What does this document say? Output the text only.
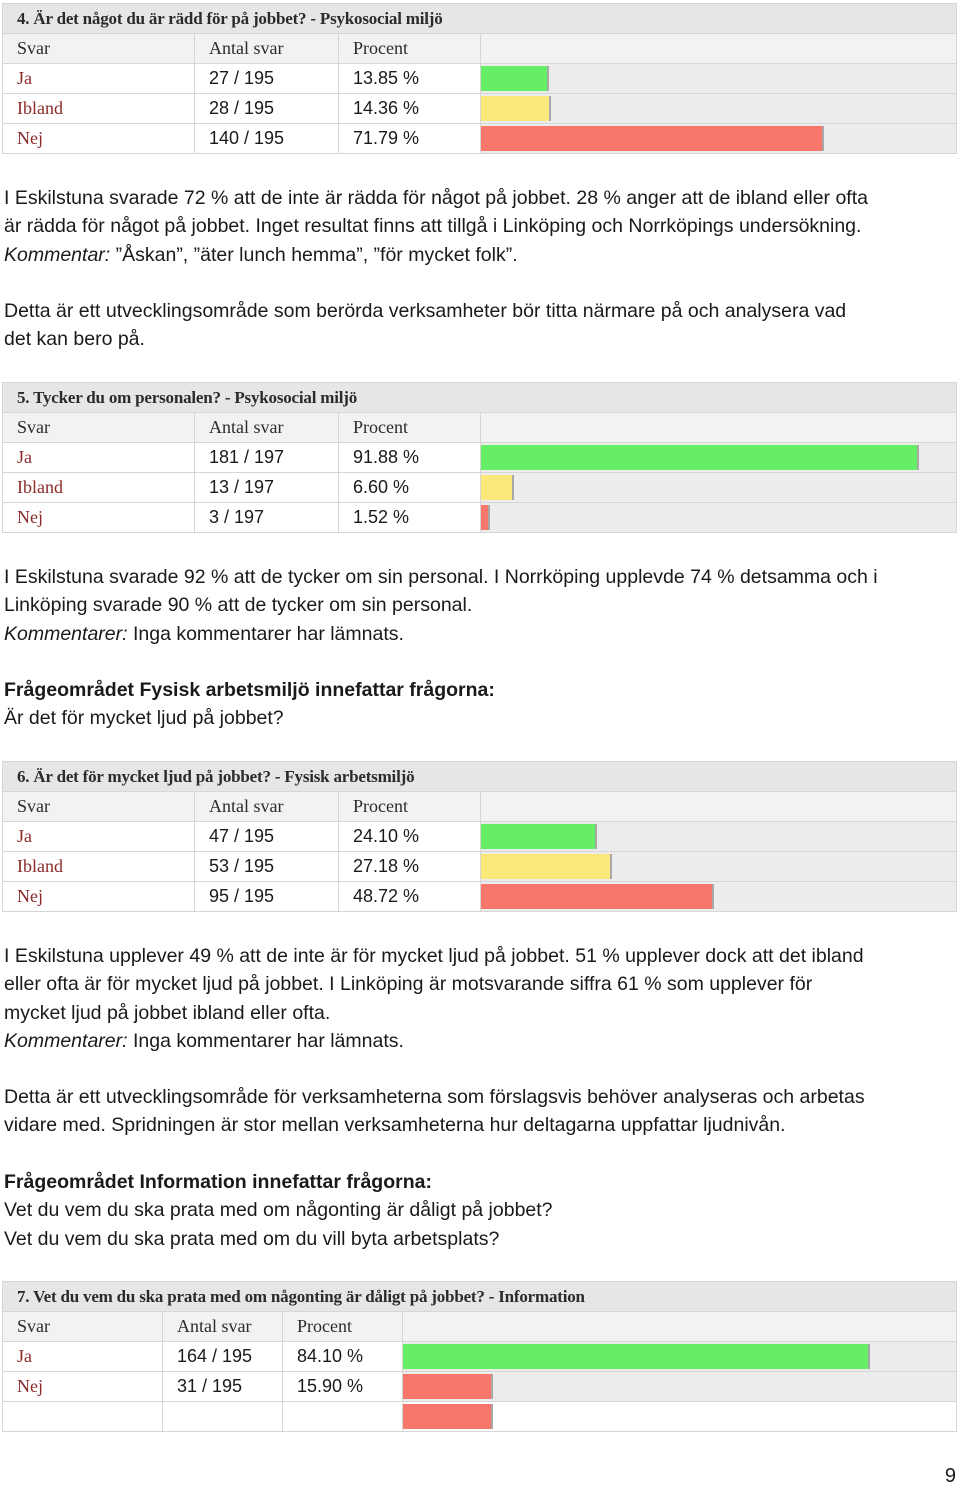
4. Är det något du är rädd för på jobbet? - Psykosocial miljö			
Svar	Antal svar	Procent	
Ja	27 / 195	13.85 %	

Ibland	28 / 195	14.36 %	

Nej	140 / 195	71.79 %	

I Eskilstuna svarade 72 % att de inte är rädda för något på jobbet. 28 % anger att de ibland eller ofta
är rädda för något på jobbet. Inget resultat finns att tillgå i Linköping och Norrköpings undersökning.
Kommentar: ”Åskan”, ”äter lunch hemma”, ”för mycket folk”.

Detta är ett utvecklingsområde som berörda verksamheter bör titta närmare på och analysera vad
det kan bero på.

5. Tycker du om personalen? - Psykosocial miljö			
Svar	Antal svar	Procent	
Ja	181 / 197	91.88 %	

Ibland	13 / 197	6.60 %	

Nej	3 / 197	1.52 %	

I Eskilstuna svarade 92 % att de tycker om sin personal. I Norrköping upplevde 74 % detsamma och i
Linköping svarade 90 % att de tycker om sin personal.
Kommentarer: Inga kommentarer har lämnats.

Frågeområdet Fysisk arbetsmiljö innefattar frågorna:
Är det för mycket ljud på jobbet?

6. Är det för mycket ljud på jobbet? - Fysisk arbetsmiljö			
Svar	Antal svar	Procent	
Ja	47 / 195	24.10 %	

Ibland	53 / 195	27.18 %	

Nej	95 / 195	48.72 %	

I Eskilstuna upplever 49 % att de inte är för mycket ljud på jobbet. 51 % upplever dock att det ibland
eller ofta är för mycket ljud på jobbet. I Linköping är motsvarande siffra 61 % som upplever för
mycket ljud på jobbet ibland eller ofta.
Kommentarer: Inga kommentarer har lämnats.

Detta är ett utvecklingsområde för verksamheterna som förslagsvis behöver analyseras och arbetas
vidare med. Spridningen är stor mellan verksamheterna hur deltagarna uppfattar ljudnivån.

Frågeområdet Information innefattar frågorna:
Vet du vem du ska prata med om någonting är dåligt på jobbet?
Vet du vem du ska prata med om du vill byta arbetsplats?

7. Vet du vem du ska prata med om någonting är dåligt på jobbet? - Information			
Svar	Antal svar	Procent	
Ja	164 / 195	84.10 %	

Nej	31 / 195	15.90 %	

9
